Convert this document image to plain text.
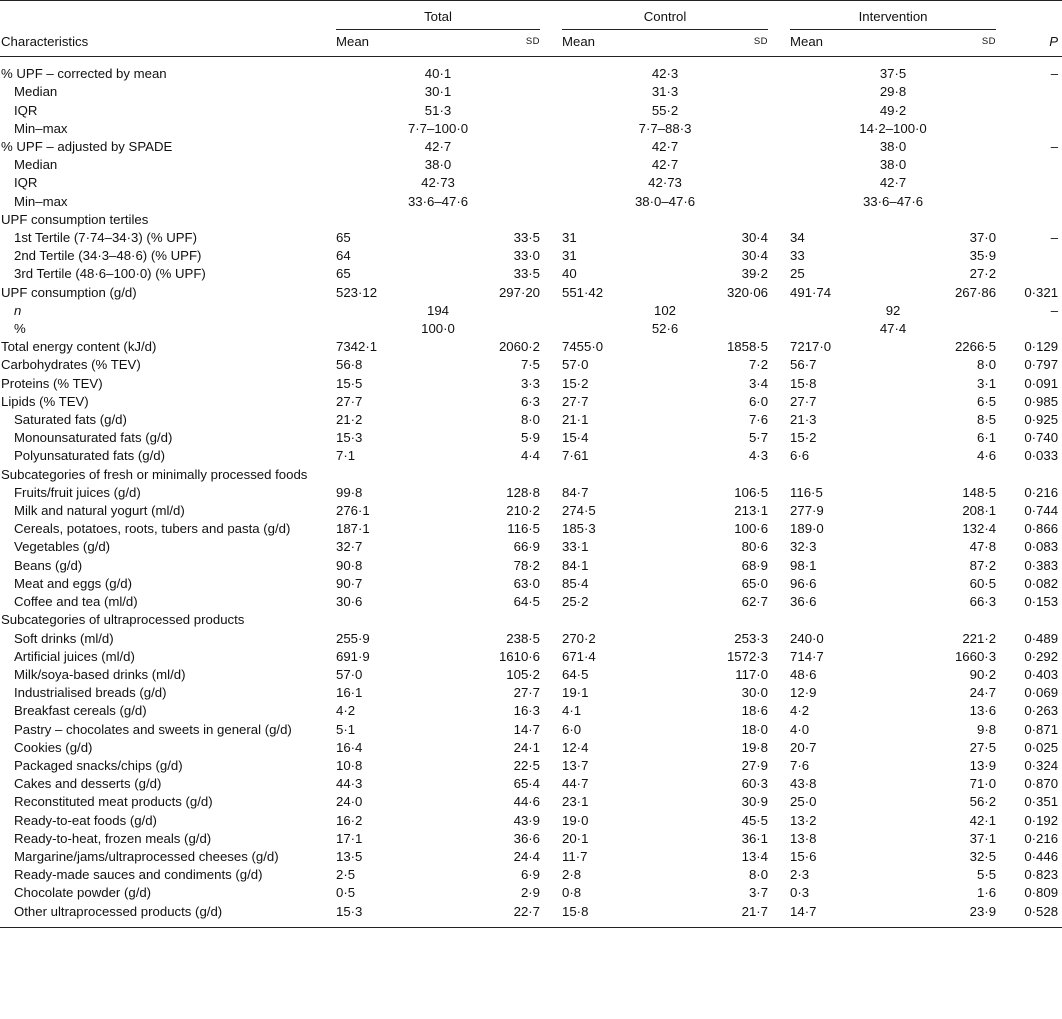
	Total			Control			Intervention		

Characteristics	Mean	SD		Mean	SD		Mean	SD	P

% UPF – corrected by mean	40·1			42·3			37·5		–
Median	30·1			31·3			29·8		
IQR	51·3			55·2			49·2		
Min–max	7·7–100·0			7·7–88·3			14·2–100·0		
% UPF – adjusted by SPADE	42·7			42·7			38·0		–
Median	38·0			42·7			38·0		
IQR	42·73			42·73			42·7		
Min–max	33·6–47·6			38·0–47·6			33·6–47·6		
UPF consumption tertiles									
1st Tertile (7·74–34·3) (% UPF)	65	33·5		31	30·4		34	37·0	–
2nd Tertile (34·3–48·6) (% UPF)	64	33·0		31	30·4		33	35·9	
3rd Tertile (48·6–100·0) (% UPF)	65	33·5		40	39·2		25	27·2	
UPF consumption (g/d)	523·12	297·20		551·42	320·06		491·74	267·86	0·321
n	194			102			92		–
%	100·0			52·6			47·4		
Total energy content (kJ/d)	7342·1	2060·2		7455·0	1858·5		7217·0	2266·5	0·129
Carbohydrates (% TEV)	56·8	7·5		57·0	7·2		56·7	8·0	0·797
Proteins (% TEV)	15·5	3·3		15·2	3·4		15·8	3·1	0·091
Lipids (% TEV)	27·7	6·3		27·7	6·0		27·7	6·5	0·985
Saturated fats (g/d)	21·2	8·0		21·1	7·6		21·3	8·5	0·925
Monounsaturated fats (g/d)	15·3	5·9		15·4	5·7		15·2	6·1	0·740
Polyunsaturated fats (g/d)	7·1	4·4		7·61	4·3		6·6	4·6	0·033
Subcategories of fresh or minimally processed foods									
Fruits/fruit juices (g/d)	99·8	128·8		84·7	106·5		116·5	148·5	0·216
Milk and natural yogurt (ml/d)	276·1	210·2		274·5	213·1		277·9	208·1	0·744

Cereals, potatoes, roots, tubers and pasta (g/d)	187·1	116·5		185·3	100·6		189·0	132·4	0·866
Vegetables (g/d)	32·7	66·9		33·1	80·6		32·3	47·8	0·083
Beans (g/d)	90·8	78·2		84·1	68·9		98·1	87·2	0·383
Meat and eggs (g/d)	90·7	63·0		85·4	65·0		96·6	60·5	0·082
Coffee and tea (ml/d)	30·6	64·5		25·2	62·7		36·6	66·3	0·153
Subcategories of ultraprocessed products									
Soft drinks (ml/d)	255·9	238·5		270·2	253·3		240·0	221·2	0·489
Artificial juices (ml/d)	691·9	1610·6		671·4	1572·3		714·7	1660·3	0·292
Milk/soya-based drinks (ml/d)	57·0	105·2		64·5	117·0		48·6	90·2	0·403
Industrialised breads (g/d)	16·1	27·7		19·1	30·0		12·9	24·7	0·069
Breakfast cereals (g/d)	4·2	16·3		4·1	18·6		4·2	13·6	0·263

Pastry – chocolates and sweets in general (g/d)	5·1	14·7		6·0	18·0		4·0	9·8	0·871
Cookies (g/d)	16·4	24·1		12·4	19·8		20·7	27·5	0·025
Packaged snacks/chips (g/d)	10·8	22·5		13·7	27·9		7·6	13·9	0·324
Cakes and desserts (g/d)	44·3	65·4		44·7	60·3		43·8	71·0	0·870
Reconstituted meat products (g/d)	24·0	44·6		23·1	30·9		25·0	56·2	0·351
Ready-to-eat foods (g/d)	16·2	43·9		19·0	45·5		13·2	42·1	0·192
Ready-to-heat, frozen meals (g/d)	17·1	36·6		20·1	36·1		13·8	37·1	0·216

Margarine/jams/ultraprocessed cheeses (g/d)	13·5	24·4		11·7	13·4		15·6	32·5	0·446
Ready-made sauces and condiments (g/d)	2·5	6·9		2·8	8·0		2·3	5·5	0·823
Chocolate powder (g/d)	0·5	2·9		0·8	3·7		0·3	1·6	0·809
Other ultraprocessed products (g/d)	15·3	22·7		15·8	21·7		14·7	23·9	0·528
